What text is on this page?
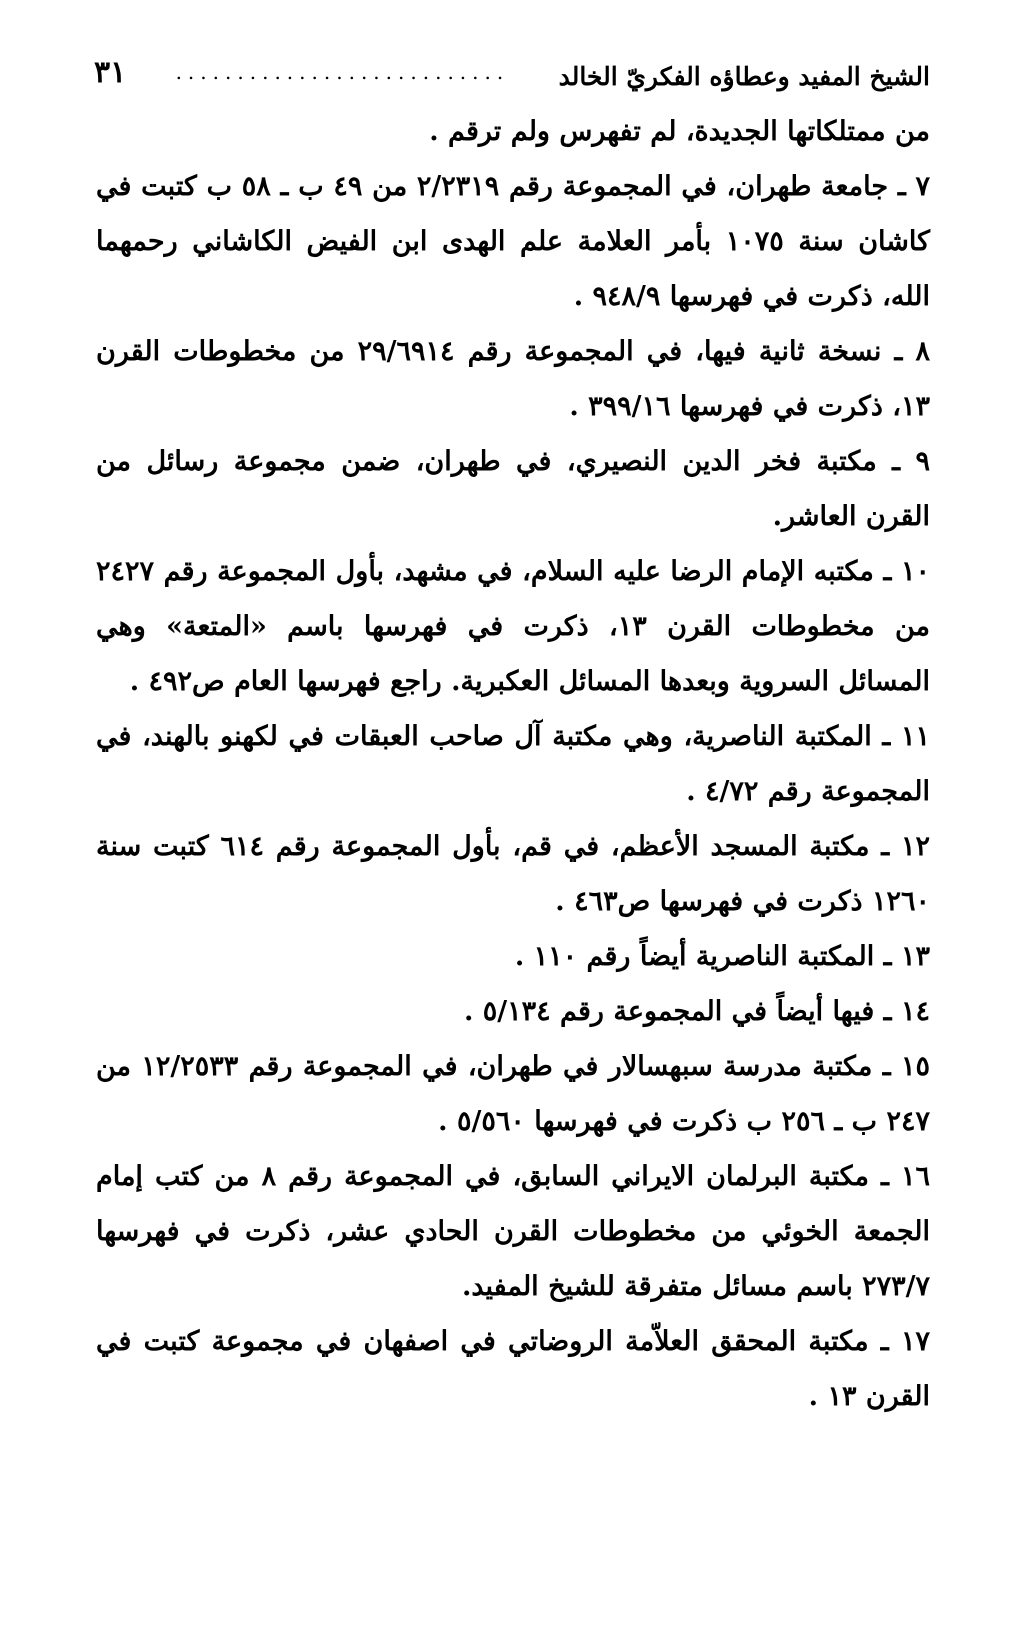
الشيخ المفيد وعطاؤه الفكريّ الخالد
...........................
٣١

من ممتلكاتها الجديدة، لم تفهرس ولم ترقم .

٧ ـ جامعة طهران، في المجموعة رقم ٢/٢٣١٩ من ٤٩ ب ـ ٥٨ ب كتبت في كاشان سنة ١٠٧٥ بأمر العلامة علم الهدى ابن الفيض الكاشاني رحمهما الله، ذكرت في فهرسها ٩٤٨/٩ .

٨ ـ نسخة ثانية فيها، في المجموعة رقم ٢٩/٦٩١٤ من مخطوطات القرن ١٣، ذكرت في فهرسها ٣٩٩/١٦ .

٩ ـ مكتبة فخر الدين النصيري، في طهران، ضمن مجموعة رسائل من القرن العاشر.

١٠ ـ مكتبه الإمام الرضا عليه السلام، في مشهد، بأول المجموعة رقم ٢٤٢٧ من مخطوطات القرن ١٣، ذكرت في فهرسها باسم «المتعة» وهي المسائل السروية وبعدها المسائل العكبرية. راجع فهرسها العام ص٤٩٢ .

١١ ـ المكتبة الناصرية، وهي مكتبة آل صاحب العبقات في لكهنو بالهند، في المجموعة رقم ٤/٧٢ .

١٢ ـ مكتبة المسجد الأعظم، في قم، بأول المجموعة رقم ٦١٤ كتبت سنة ١٢٦٠ ذكرت في فهرسها ص٤٦٣ .

١٣ ـ المكتبة الناصرية أيضاً رقم ١١٠ .

١٤ ـ فيها أيضاً في المجموعة رقم ٥/١٣٤ .

١٥ ـ مكتبة مدرسة سبهسالار في طهران، في المجموعة رقم ١٢/٢٥٣٣ من ٢٤٧ ب ـ ٢٥٦ ب ذكرت في فهرسها ٥/٥٦٠ .

١٦ ـ مكتبة البرلمان الايراني السابق، في المجموعة رقم ٨ من كتب إمام الجمعة الخوئي من مخطوطات القرن الحادي عشر، ذكرت في فهرسها ٢٧٣/٧ باسم مسائل متفرقة للشيخ المفيد.

١٧ ـ مكتبة المحقق العلاّمة الروضاتي في اصفهان في مجموعة كتبت في القرن ١٣ .
